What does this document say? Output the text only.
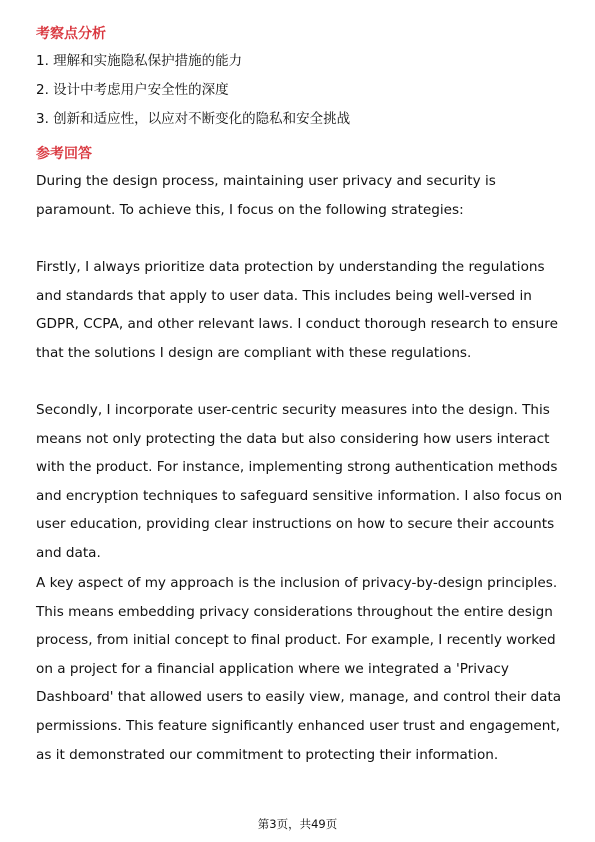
考察点分析
1. 理解和实施隐私保护措施的能力
2. 设计中考虑用户安全性的深度
3. 创新和适应性，以应对不断变化的隐私和安全挑战
参考回答

During the design process, maintaining user privacy and security is paramount. To achieve this, I focus on the following strategies:

Firstly, I always prioritize data protection by understanding the regulations and standards that apply to user data. This includes being well-versed in GDPR, CCPA, and other relevant laws. I conduct thorough research to ensure that the solutions I design are compliant with these regulations.

Secondly, I incorporate user-centric security measures into the design. This means not only protecting the data but also considering how users interact with the product. For instance, implementing strong authentication methods and encryption techniques to safeguard sensitive information. I also focus on user education, providing clear instructions on how to secure their accounts and data.

A key aspect of my approach is the inclusion of privacy-by-design principles. This means embedding privacy considerations throughout the entire design process, from initial concept to final product. For example, I recently worked on a project for a financial application where we integrated a 'Privacy Dashboard' that allowed users to easily view, manage, and control their data permissions. This feature significantly enhanced user trust and engagement, as it demonstrated our commitment to protecting their information.

第3页，共49页
